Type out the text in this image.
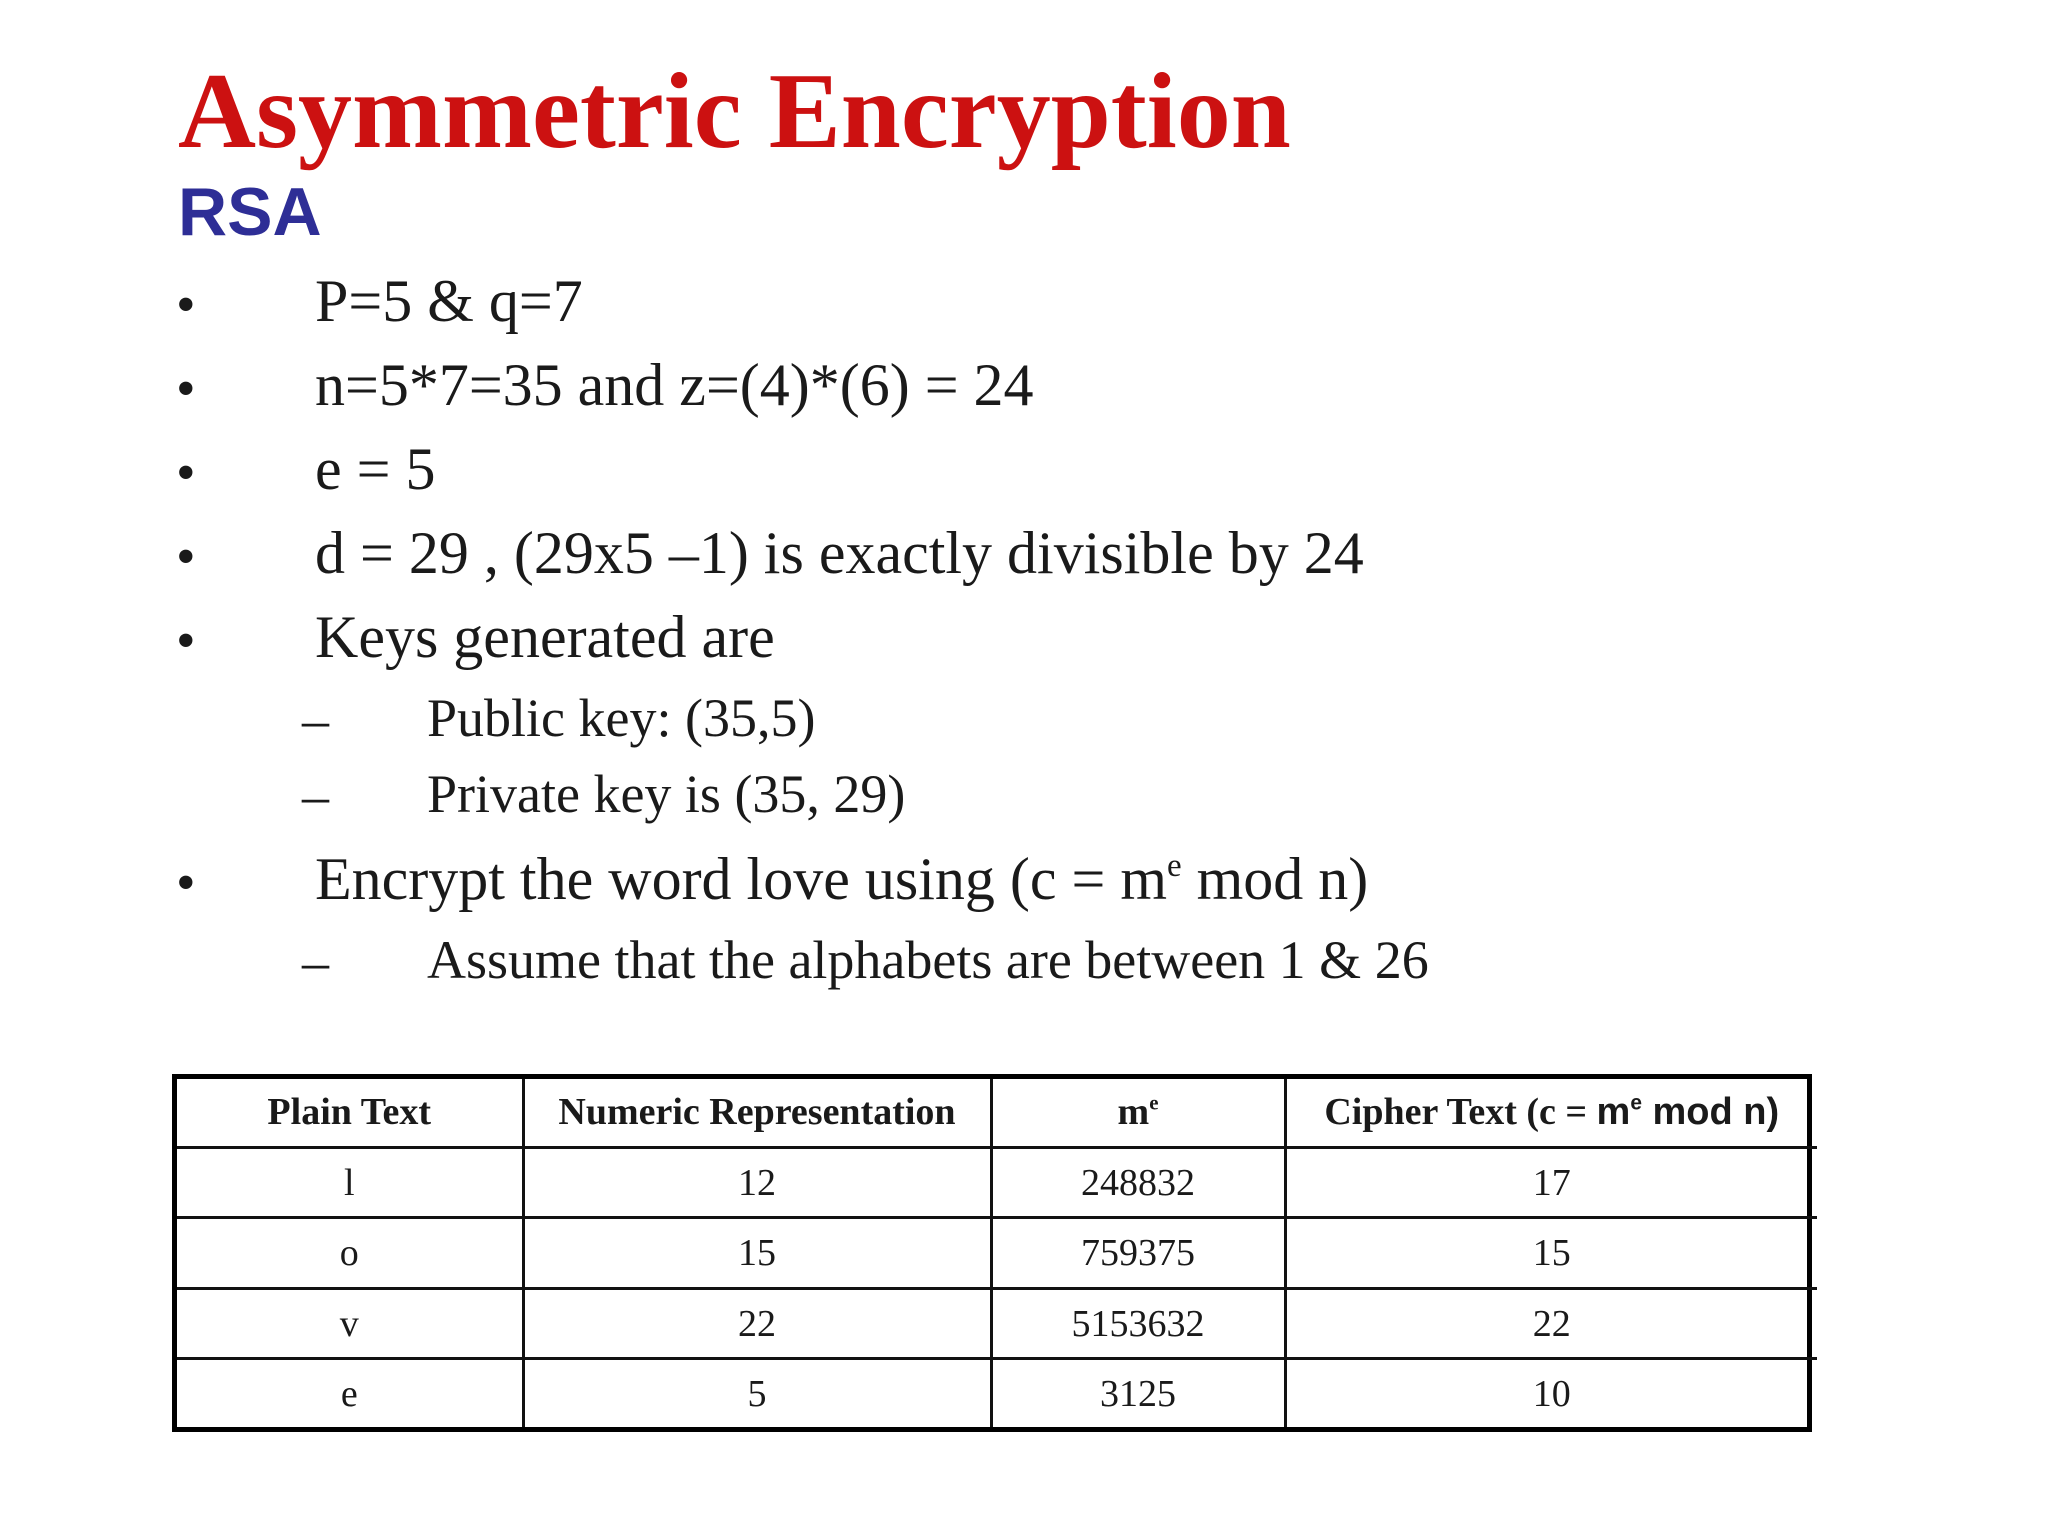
Asymmetric Encryption
RSA
• P=5 & q=7
• n=5*7=35 and z=(4)*(6) = 24
• e = 5
• d = 29 , (29x5 –1) is exactly divisible by 24
• Keys generated are
– Public key: (35,5)
– Private key is (35, 29)
• Encrypt the word love using ($c = m^e$ mod n)
– Assume that the alphabets are between 1 & 26
Plain Text	Numeric Representation	$m^e$	Cipher Text ($c = m^e$ mod n)
l	12	248832	17
o	15	759375	15
v	22	5153632	22
e	5	3125	10
